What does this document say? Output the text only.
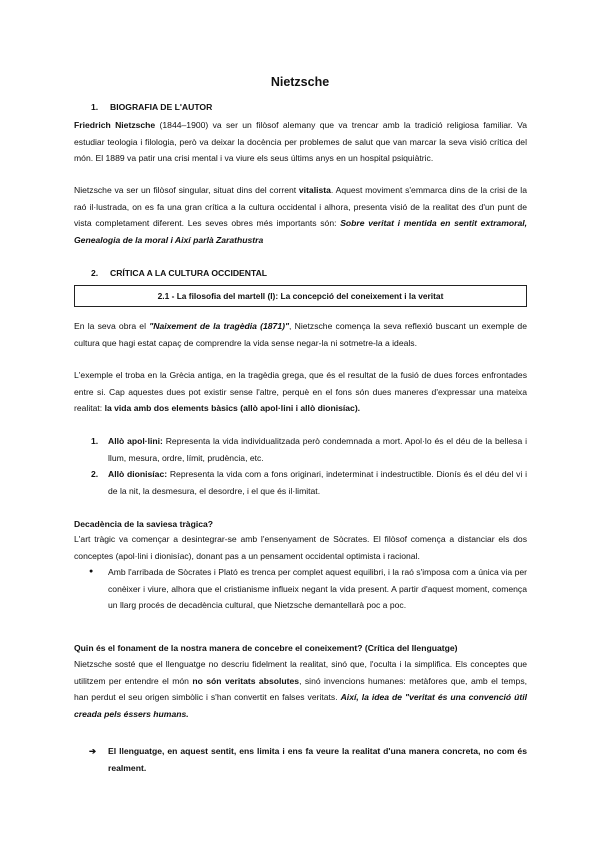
Nietzsche
1. BIOGRAFIA DE L'AUTOR

Friedrich Nietzsche (1844–1900) va ser un filòsof alemany que va trencar amb la tradició religiosa familiar. Va estudiar teologia i filologia, però va deixar la docència per problemes de salut que van marcar la seva visió crítica del món. El 1889 va patir una crisi mental i va viure els seus últims anys en un hospital psiquiàtric.

Nietzsche va ser un filòsof singular, situat dins del corrent vitalista. Aquest moviment s'emmarca dins de la crisi de la raó il·lustrada, on es fa una gran crítica a la cultura occidental i alhora, presenta visió de la realitat des d'un punt de vista completament diferent. Les seves obres més importants són: Sobre veritat i mentida en sentit extramoral, Genealogia de la moral i Així parlà Zarathustra

2. CRÍTICA A LA CULTURA OCCIDENTAL
2.1 - La filosofia del martell (I): La concepció del coneixement i la veritat

En la seva obra el "Naixement de la tragèdia (1871)", Nietzsche comença la seva reflexió buscant un exemple de cultura que hagi estat capaç de comprendre la vida sense negar-la ni sotmetre-la a ideals.

L'exemple el troba en la Grècia antiga, en la tragèdia grega, que és el resultat de la fusió de dues forces enfrontades entre si. Cap aquestes dues pot existir sense l'altre, perquè en el fons són dues maneres d'expressar una mateixa realitat: la vida amb dos elements bàsics (allò apol·lini i allò dionisíac).

1. Allò apol·lini: Representa la vida individualitzada però condemnada a mort. Apol·lo és el déu de la bellesa i llum, mesura, ordre, límit, prudència, etc.

2. Allò dionisíac: Representa la vida com a fons originari, indeterminat i indestructible. Dionís és el déu del vi i de la nit, la desmesura, el desordre, i el que és il·limitat.

Decadència de la saviesa tràgica?

L'art tràgic va començar a desintegrar-se amb l'ensenyament de Sòcrates. El filòsof comença a distanciar els dos conceptes (apol·lini i dionisíac), donant pas a un pensament occidental optimista i racional.

● Amb l'arribada de Sòcrates i Plató es trenca per complet aquest equilibri, i la raó s'imposa com a única via per conèixer i viure, alhora que el cristianisme influeix negant la vida present. A partir d'aquest moment, comença un llarg procés de decadència cultural, que Nietzsche demantellarà poc a poc.

Quin és el fonament de la nostra manera de concebre el coneixement? (Crítica del llenguatge)

Nietzsche sosté que el llenguatge no descriu fidelment la realitat, sinó que, l'oculta i la simplifica. Els conceptes que utilitzem per entendre el món no són veritats absolutes, sinó invencions humanes: metàfores que, amb el temps, han perdut el seu origen simbòlic i s'han convertit en falses veritats. Així, la idea de "veritat és una convenció útil creada pels éssers humans.

➔ El llenguatge, en aquest sentit, ens limita i ens fa veure la realitat d'una manera concreta, no com és realment.
